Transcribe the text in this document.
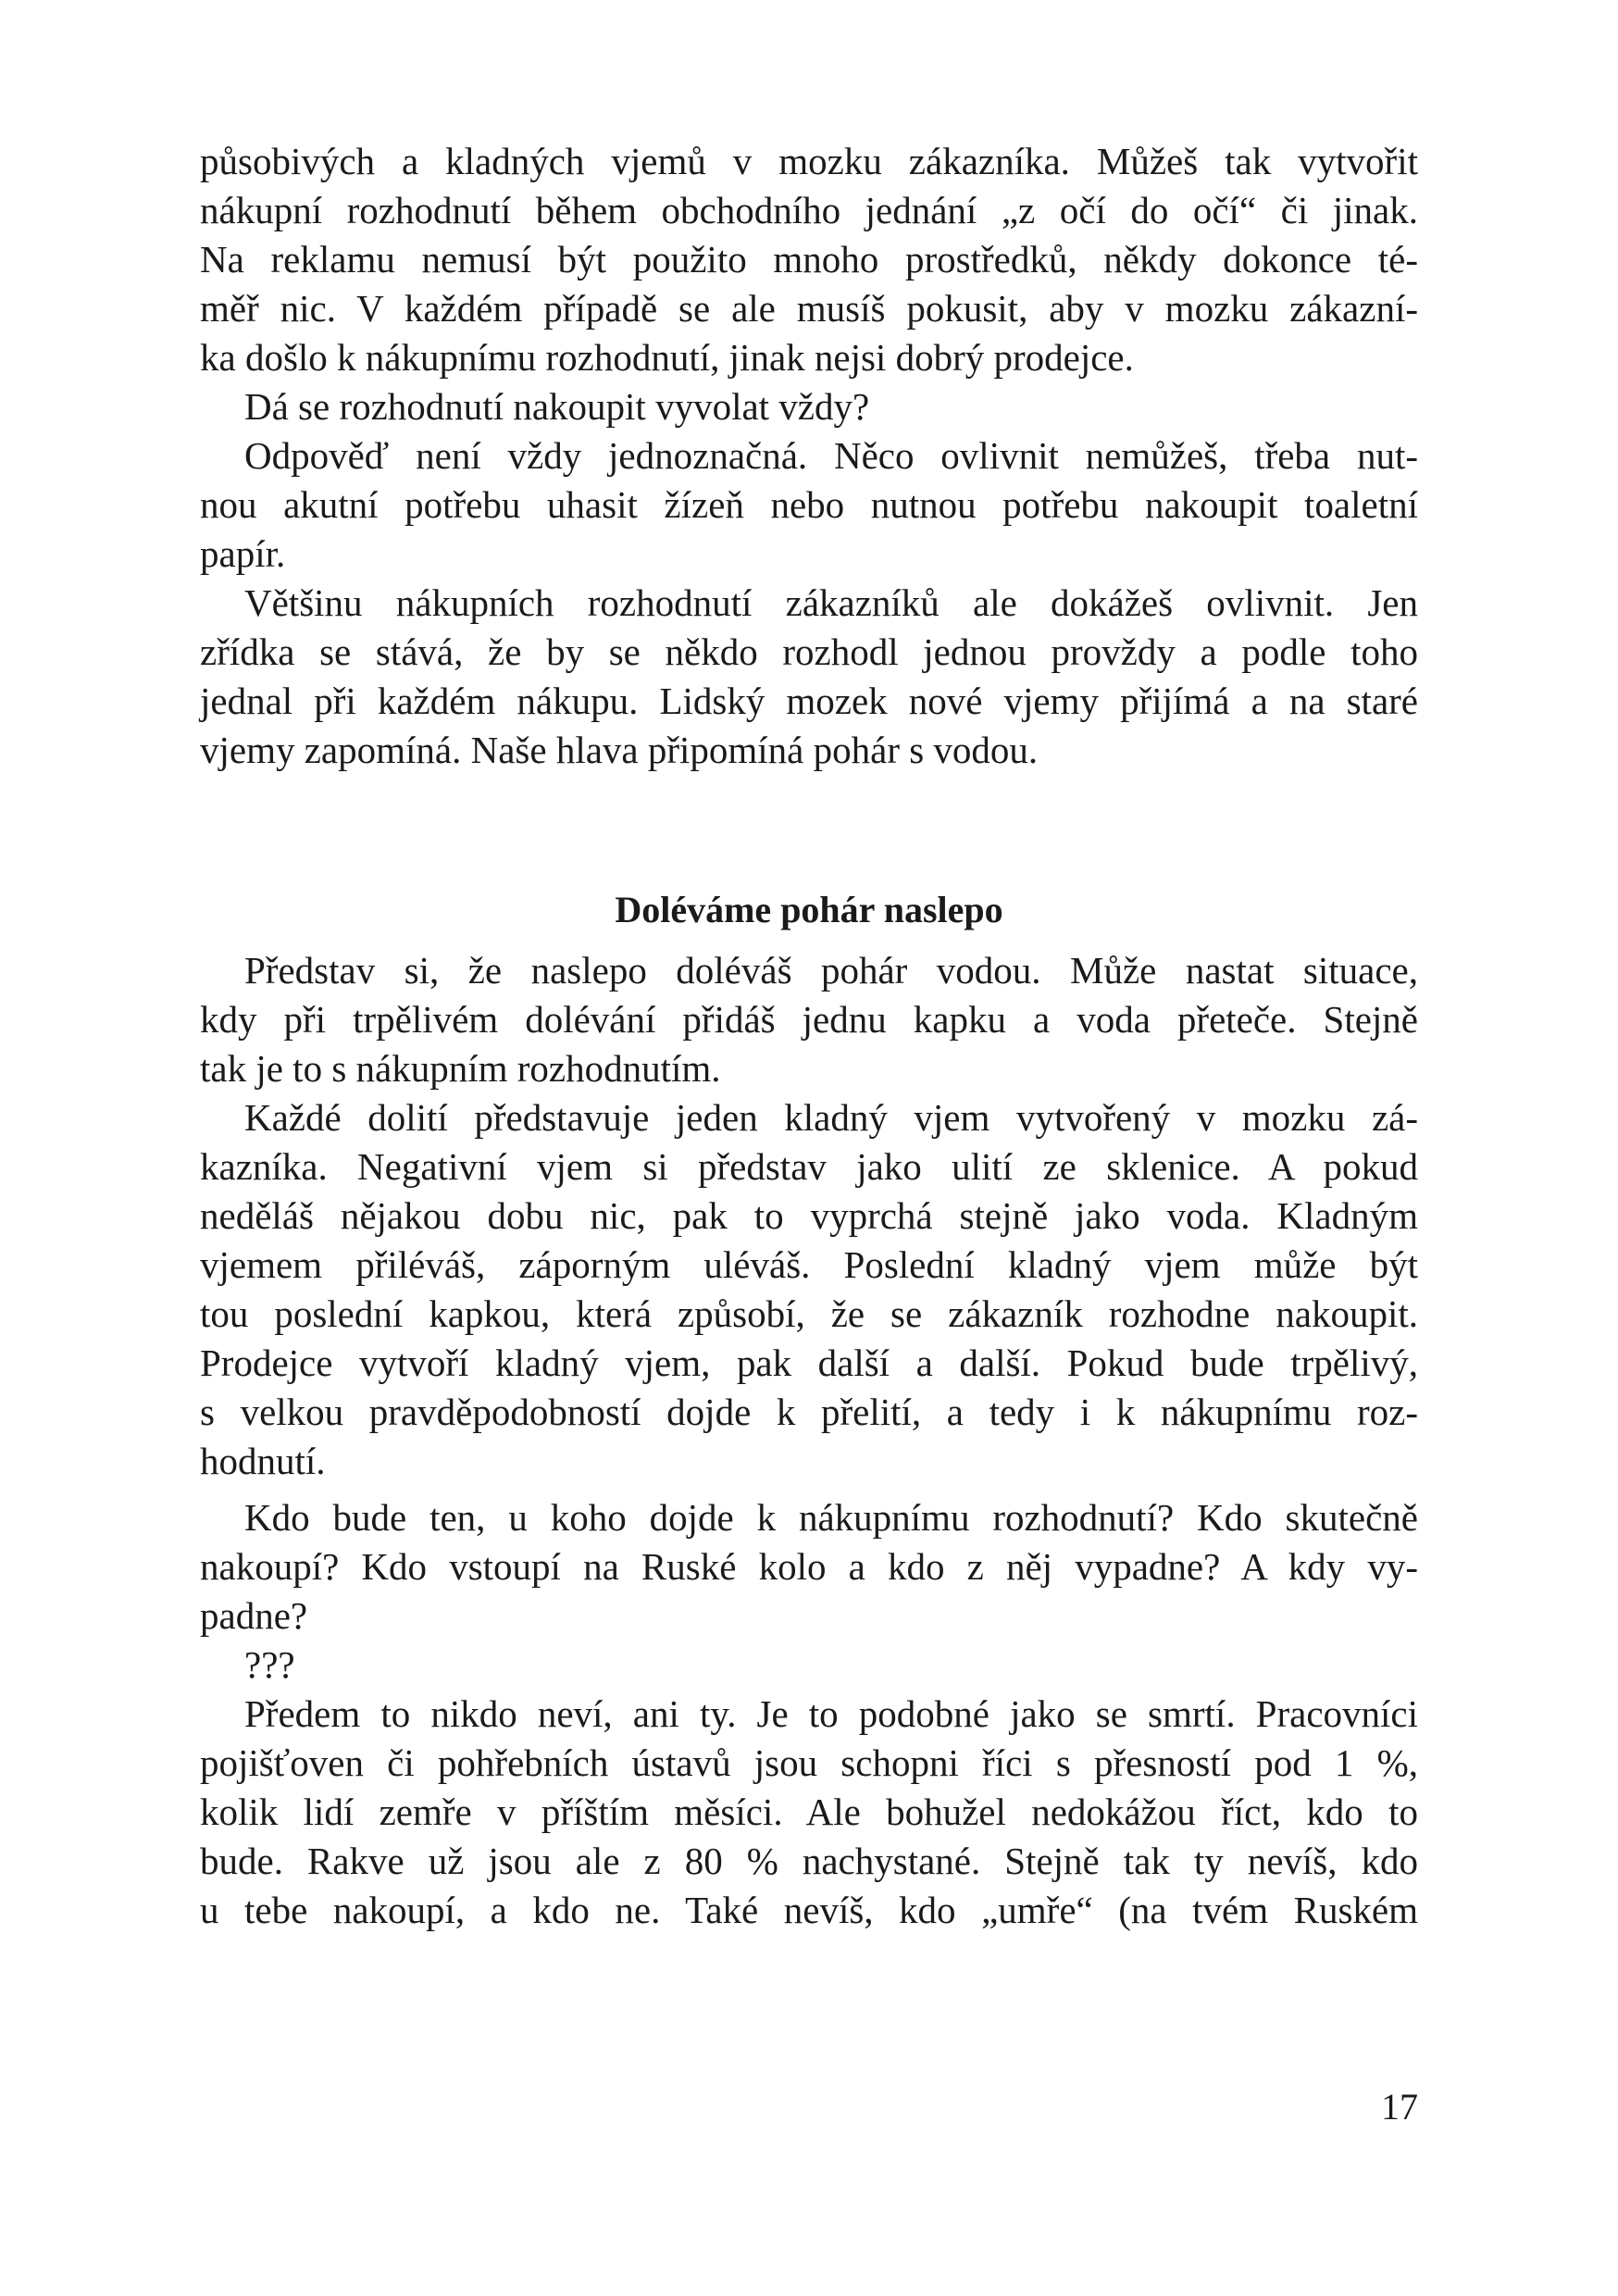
působivých a kladných vjemů v mozku zákazníka. Můžeš tak vytvořit
nákupní rozhodnutí během obchodního jednání „z očí do očí“ či jinak.
Na reklamu nemusí být použito mnoho prostředků, někdy dokonce té-
měř nic. V každém případě se ale musíš pokusit, aby v mozku zákazní-
ka došlo k nákupnímu rozhodnutí, jinak nejsi dobrý prodejce.
Dá se rozhodnutí nakoupit vyvolat vždy?
Odpověď není vždy jednoznačná. Něco ovlivnit nemůžeš, třeba nut-
nou akutní potřebu uhasit žízeň nebo nutnou potřebu nakoupit toaletní
papír.
Většinu nákupních rozhodnutí zákazníků ale dokážeš ovlivnit. Jen
zřídka se stává, že by se někdo rozhodl jednou provždy a podle toho
jednal při každém nákupu. Lidský mozek nové vjemy přijímá a na staré
vjemy zapomíná. Naše hlava připomíná pohár s vodou.
Doléváme pohár naslepo
Představ si, že naslepo doléváš pohár vodou. Může nastat situace,
kdy při trpělivém dolévání přidáš jednu kapku a voda přeteče. Stejně
tak je to s nákupním rozhodnutím.
Každé dolití představuje jeden kladný vjem vytvořený v mozku zá-
kazníka. Negativní vjem si představ jako ulití ze sklenice. A pokud
neděláš nějakou dobu nic, pak to vyprchá stejně jako voda. Kladným
vjemem přiléváš, záporným uléváš. Poslední kladný vjem může být
tou poslední kapkou, která způsobí, že se zákazník rozhodne nakoupit.
Prodejce vytvoří kladný vjem, pak další a další. Pokud bude trpělivý,
s velkou pravděpodobností dojde k přelití, a tedy i k nákupnímu roz-
hodnutí.
Kdo bude ten, u koho dojde k nákupnímu rozhodnutí? Kdo skutečně
nakoupí? Kdo vstoupí na Ruské kolo a kdo z něj vypadne? A kdy vy-
padne?
???
Předem to nikdo neví, ani ty. Je to podobné jako se smrtí. Pracovníci
pojišťoven či pohřebních ústavů jsou schopni říci s přesností pod 1 %,
kolik lidí zemře v příštím měsíci. Ale bohužel nedokážou říct, kdo to
bude. Rakve už jsou ale z 80 % nachystané. Stejně tak ty nevíš, kdo
u tebe nakoupí, a kdo ne. Také nevíš, kdo „umře“ (na tvém Ruském
17
